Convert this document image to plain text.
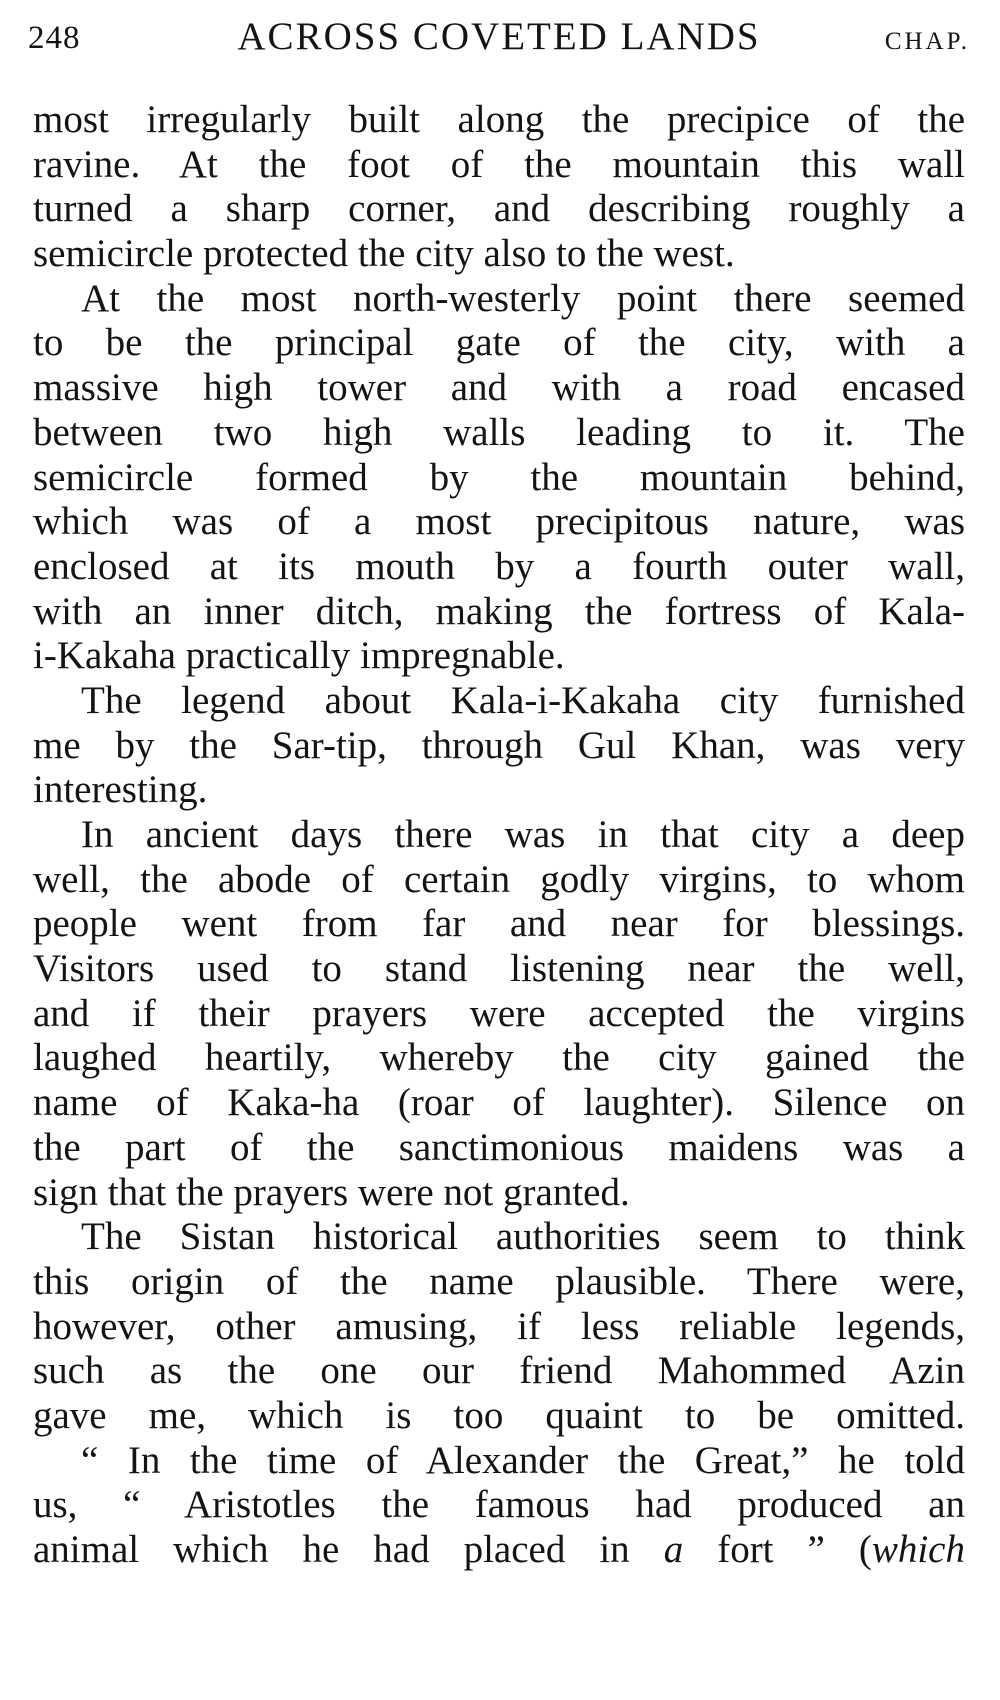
248	ACROSS COVETED LANDS	CHAP.
most irregularly built along the precipice of the
ravine. At the foot of the mountain this wall
turned a sharp corner, and describing roughly a
semicircle protected the city also to the west.
At the most north-westerly point there seemed
to be the principal gate of the city, with a
massive high tower and with a road encased
between two high walls leading to it. The
semicircle formed by the mountain behind,
which was of a most precipitous nature, was
enclosed at its mouth by a fourth outer wall,
with an inner ditch, making the fortress of Kala-
i-Kakaha practically impregnable.
The legend about Kala-i-Kakaha city furnished
me by the Sar-tip, through Gul Khan, was very
interesting.
In ancient days there was in that city a deep
well, the abode of certain godly virgins, to whom
people went from far and near for blessings.
Visitors used to stand listening near the well,
and if their prayers were accepted the virgins
laughed heartily, whereby the city gained the
name of Kaka-ha (roar of laughter). Silence on
the part of the sanctimonious maidens was a
sign that the prayers were not granted.
The Sistan historical authorities seem to think
this origin of the name plausible. There were,
however, other amusing, if less reliable legends,
such as the one our friend Mahommed Azin
gave me, which is too quaint to be omitted.
“ In the time of Alexander the Great,” he told
us, “ Aristotles the famous had produced an
animal which he had placed in a fort ” (which
